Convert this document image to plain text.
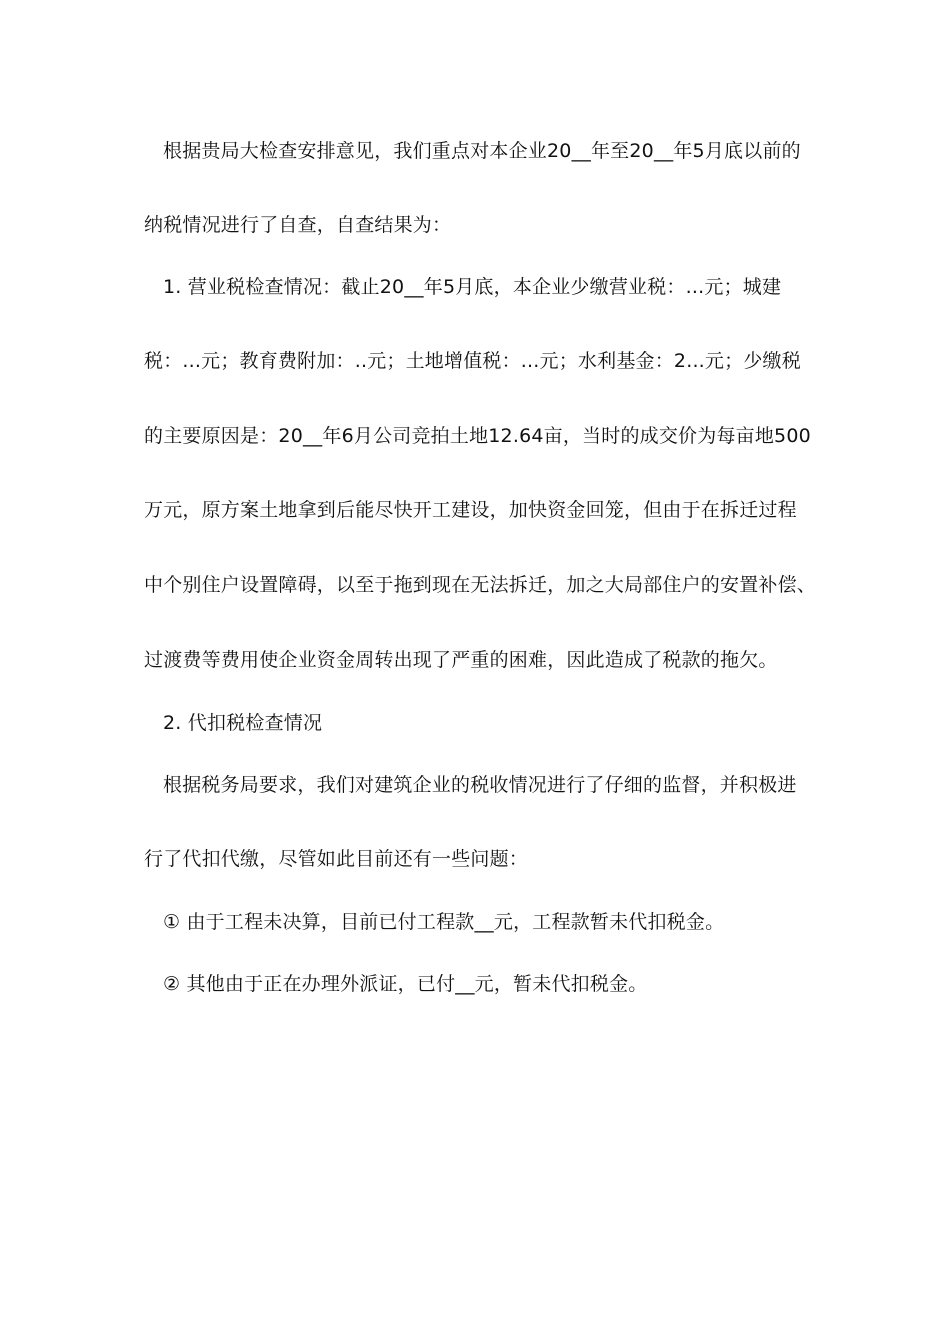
根据贵局大检查安排意见，我们重点对本企业20__年至20__年5月底以前的
纳税情况进行了自查，自查结果为：
1. 营业税检查情况：截止20__年5月底，本企业少缴营业税：...元；城建
税：...元；教育费附加：..元；土地增值税：...元；水利基金：2...元；少缴税
的主要原因是：20__年6月公司竞拍土地12.64亩，当时的成交价为每亩地500
万元，原方案土地拿到后能尽快开工建设，加快资金回笼，但由于在拆迁过程
中个别住户设置障碍，以至于拖到现在无法拆迁，加之大局部住户的安置补偿、
过渡费等费用使企业资金周转出现了严重的困难，因此造成了税款的拖欠。
2. 代扣税检查情况
根据税务局要求，我们对建筑企业的税收情况进行了仔细的监督，并积极进
行了代扣代缴，尽管如此目前还有一些问题：
① 由于工程未决算，目前已付工程款__元，工程款暂未代扣税金。
② 其他由于正在办理外派证，已付__元，暂未代扣税金。
